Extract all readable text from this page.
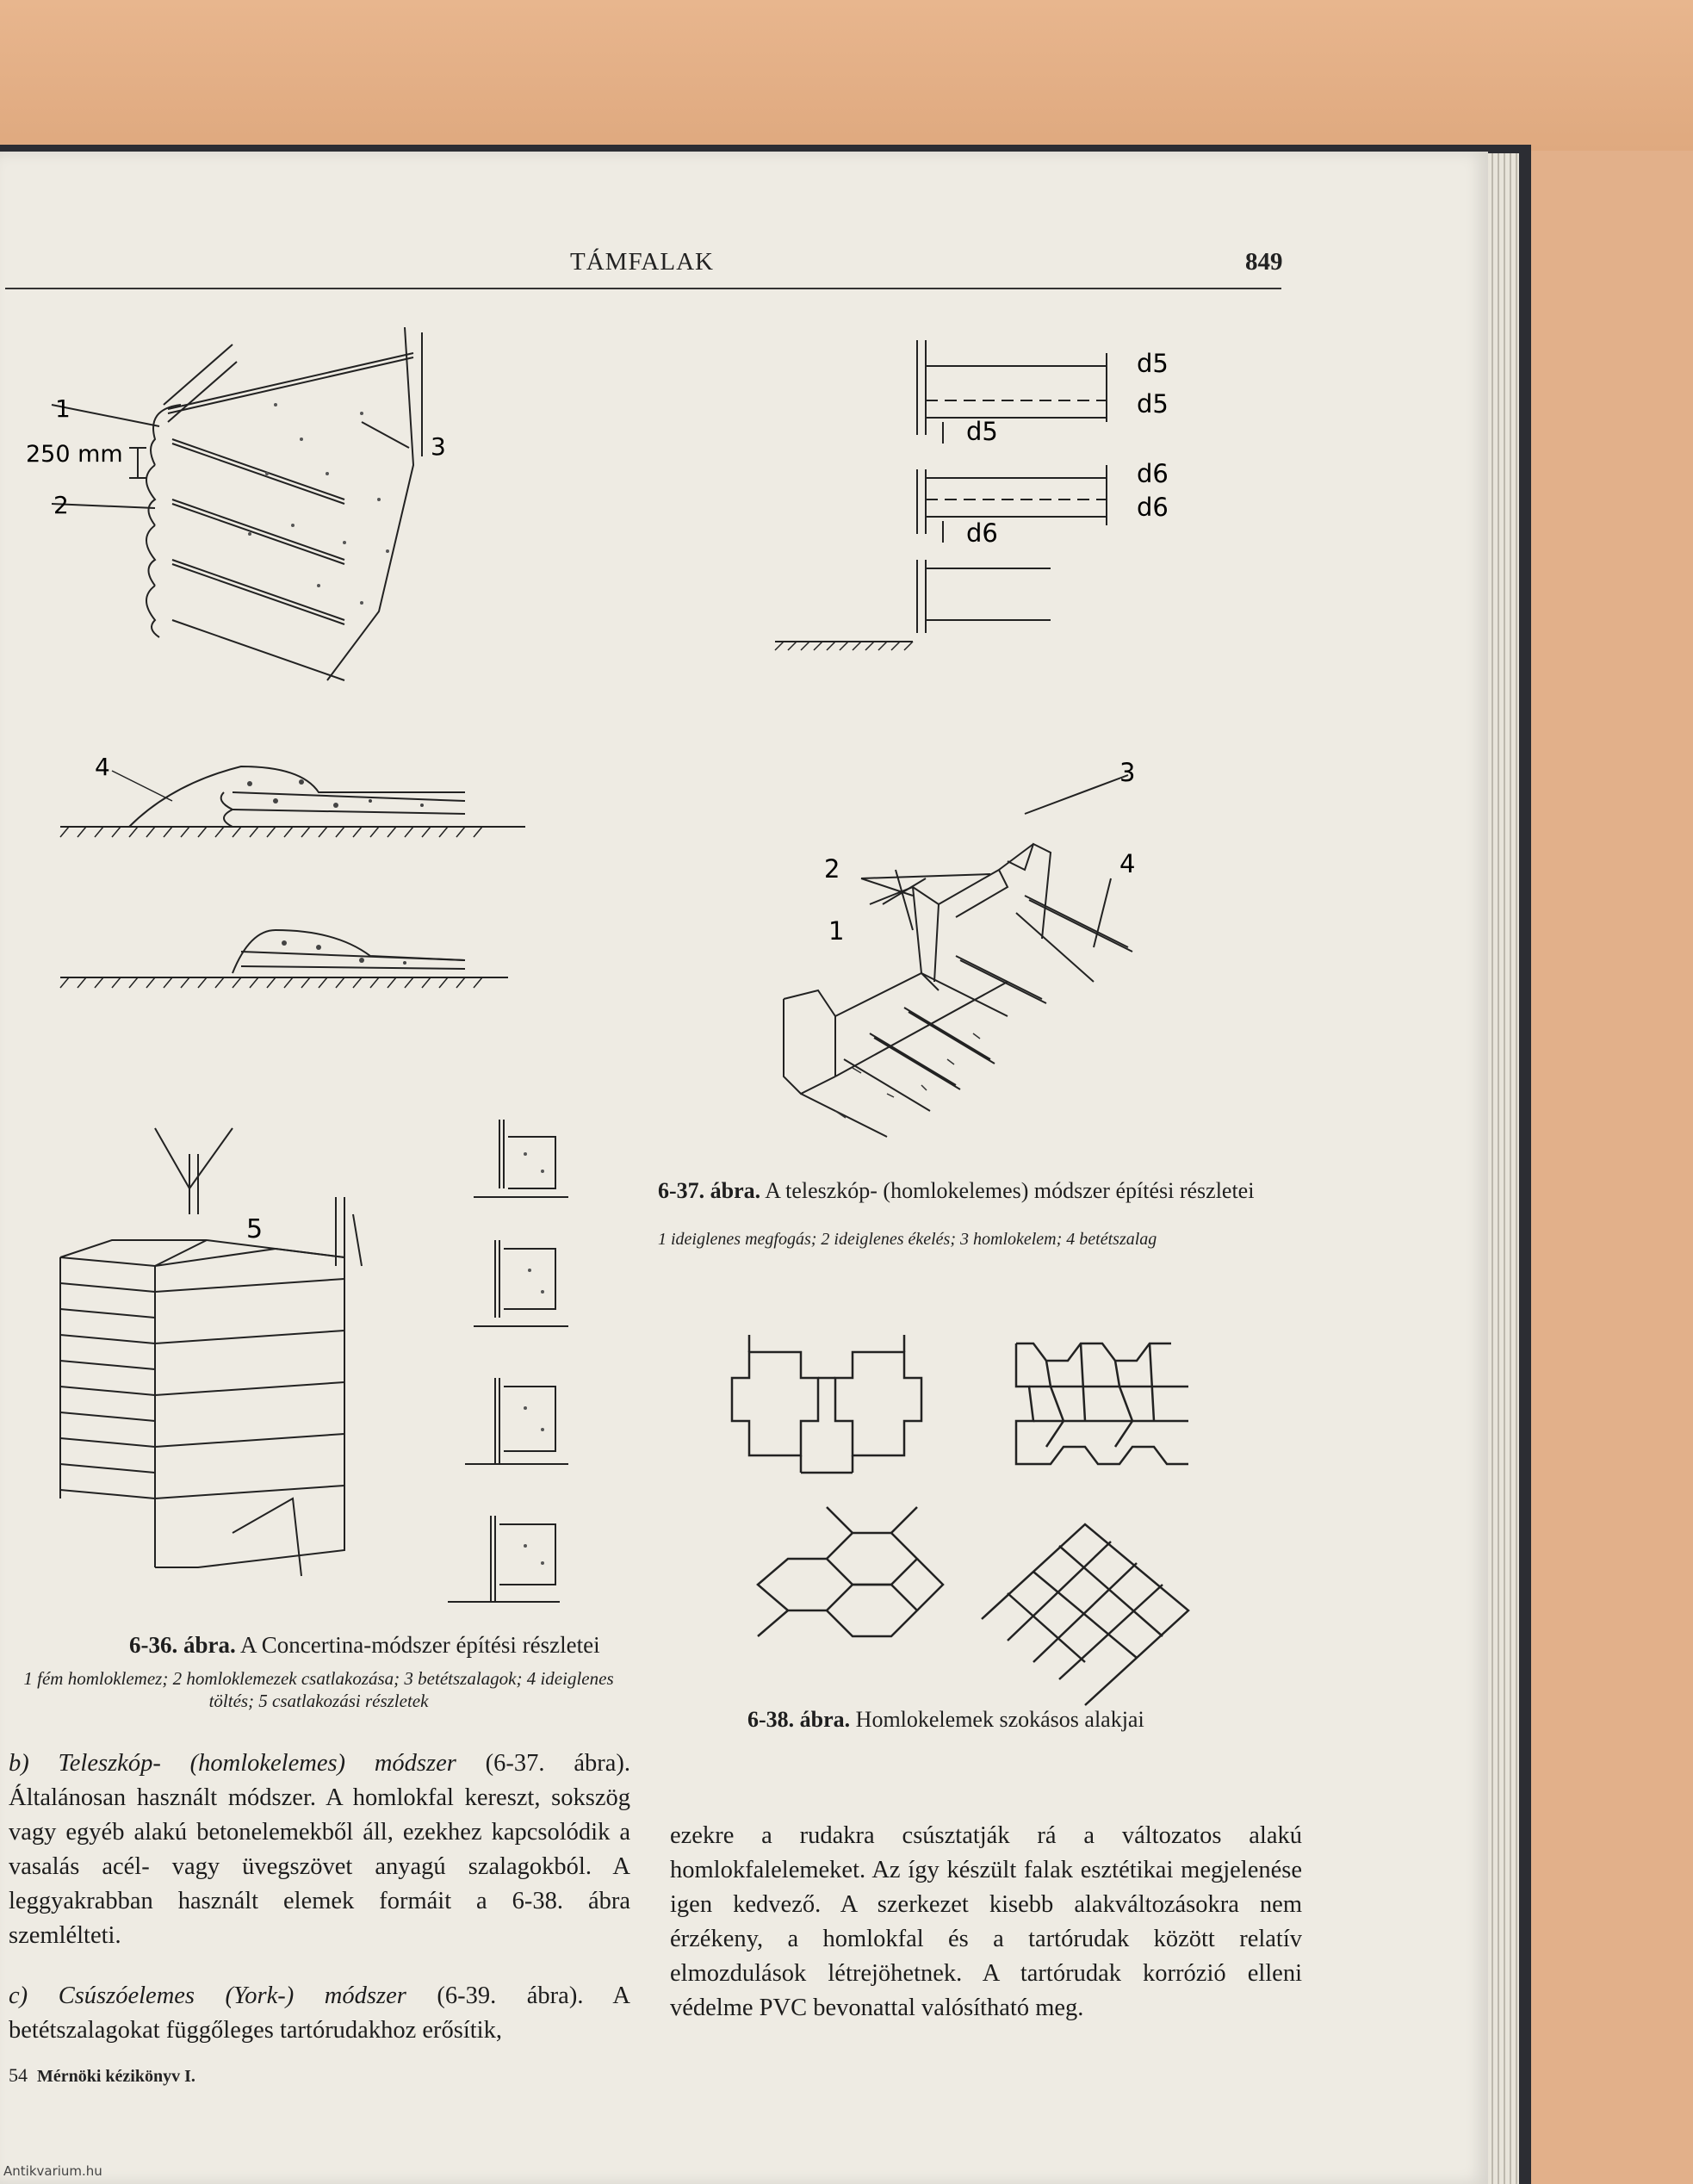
TÁMFALAK	849
1
250 mm
2
3
4
5
6-36. ábra. A Concertina-módszer építési részletei
1 fém homloklemez; 2 homloklemezek csatlakozása; 3 betétszalagok; 4 ideiglenes töltés; 5 csatlakozási részletek
d5
d5
d5
d6
d6
d6
3
2	4
1
6-37. ábra. A teleszkóp- (homlokelemes) módszer építési részletei
1 ideiglenes megfogás; 2 ideiglenes ékelés; 3 homlokelem; 4 betétszalag
6-38. ábra. Homlokelemek szokásos alakjai

b) Teleszkóp- (homlokelemes) módszer (6-37. ábra). Általánosan használt módszer. A homlokfal kereszt, sokszög vagy egyéb alakú betonelemekből áll, ezekhez kapcsolódik a vasalás acél- vagy üvegszövet anyagú szalagokból. A leggyakrabban használt elemek formáit a 6-38. ábra szemlélteti.

c) Csúszóelemes (York-) módszer (6-39. ábra). A betétszalagokat függőleges tartórudakhoz erősítik,

ezekre a rudakra csúsztatják rá a változatos alakú homlokfalelemeket. Az így készült falak esztétikai megjelenése igen kedvező. A szerkezet kisebb alakváltozásokra nem érzékeny, a homlokfal és a tartórudak között relatív elmozdulások létrejöhetnek. A tartórudak korrózió elleni védelme PVC bevonattal valósítható meg.

54 Mérnöki kézikönyv I.
Antikvarium.hu
